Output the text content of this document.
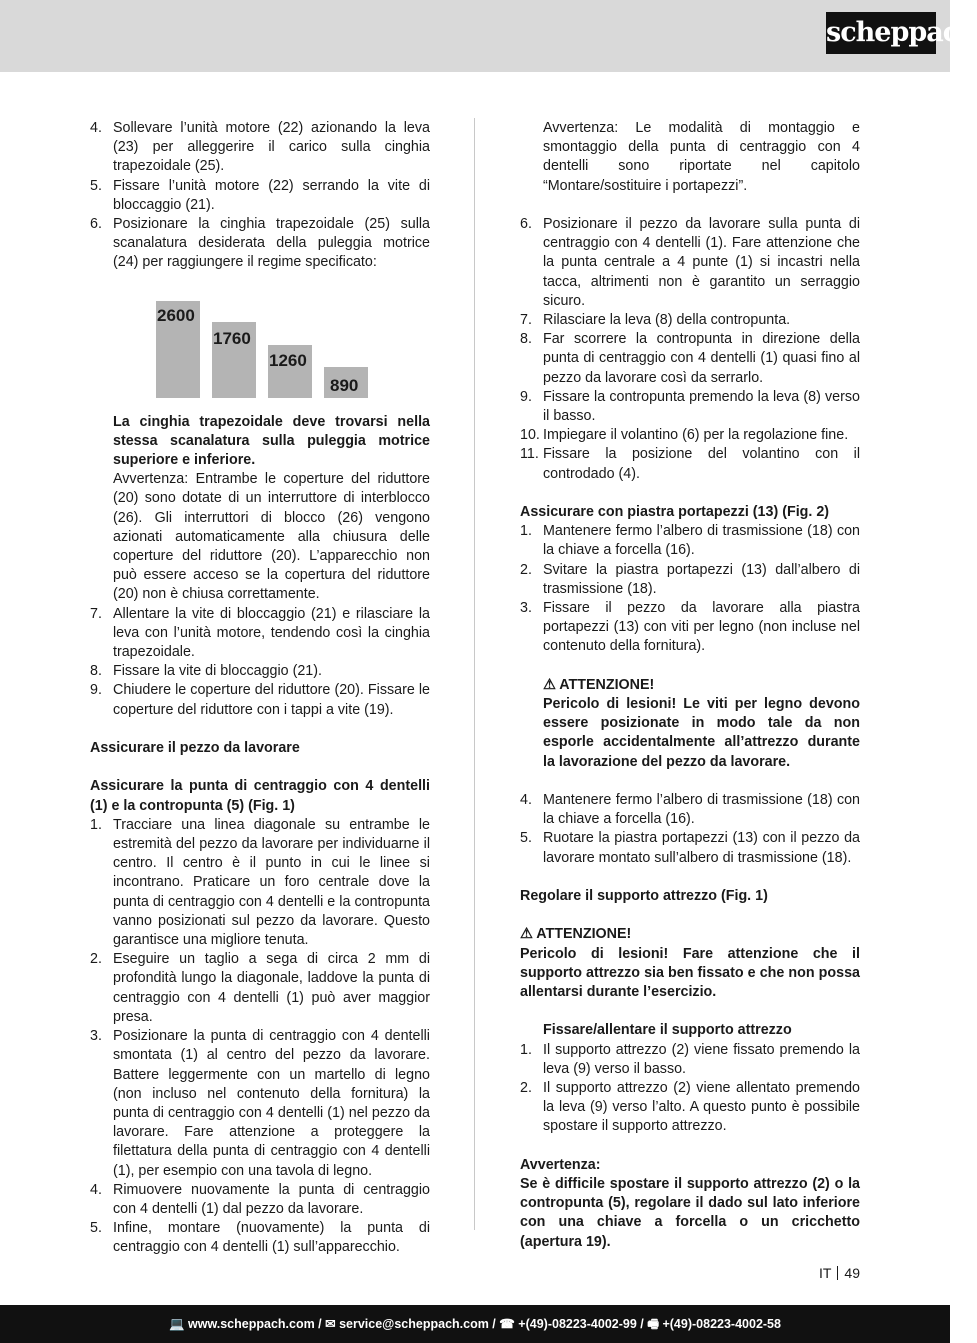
scheppach

4. Sollevare l’unità motore (22) azionando la leva (23) per alleggerire il carico sulla cinghia trapezoidale (25).

5. Fissare l’unità motore (22) serrando la vite di bloccaggio (21).

6. Posizionare la cinghia trapezoidale (25) sulla scanalatura desiderata della puleggia motrice (24) per raggiungere il regime specificato:

2600
1760
1260
890

La cinghia trapezoidale deve trovarsi nella stessa scanalatura sulla puleggia motrice superiore e inferiore.

Avvertenza: Entrambe le coperture del riduttore (20) sono dotate di un interruttore di interblocco (26). Gli interruttori di blocco (26) vengono azionati automaticamente alla chiusura delle coperture del riduttore (20). L’apparecchio non può essere acceso se la copertura del riduttore (20) non è chiusa correttamente.

7. Allentare la vite di bloccaggio (21) e rilasciare la leva con l’unità motore, tendendo così la cinghia trapezoidale.

8. Fissare la vite di bloccaggio (21).

9. Chiudere le coperture del riduttore (20). Fissare le coperture del riduttore con i tappi a vite (19).

Assicurare il pezzo da lavorare

Assicurare la punta di centraggio con 4 dentelli (1) e la contropunta (5) (Fig. 1)

1. Tracciare una linea diagonale su entrambe le estremità del pezzo da lavorare per individuarne il centro. Il centro è il punto in cui le linee si incontrano. Praticare un foro centrale dove la punta di centraggio con 4 dentelli e la contropunta vanno posizionati sul pezzo da lavorare. Questo garantisce una migliore tenuta.

2. Eseguire un taglio a sega di circa 2 mm di profondità lungo la diagonale, laddove la punta di centraggio con 4 dentelli (1) può aver maggior presa.

3. Posizionare la punta di centraggio con 4 dentelli smontata (1) al centro del pezzo da lavorare. Battere leggermente con un martello di legno (non incluso nel contenuto della fornitura) la punta di centraggio con 4 dentelli (1) nel pezzo da lavorare. Fare attenzione a proteggere la filettatura della punta di centraggio con 4 dentelli (1), per esempio con una tavola di legno.

4. Rimuovere nuovamente la punta di centraggio con 4 dentelli (1) dal pezzo da lavorare.

5. Infine, montare (nuovamente) la punta di centraggio con 4 dentelli (1) sull’apparecchio.

Avvertenza: Le modalità di montaggio e smontaggio della punta di centraggio con 4 dentelli sono riportate nel capitolo “Montare/sostituire i portapezzi”.

6. Posizionare il pezzo da lavorare sulla punta di centraggio con 4 dentelli (1). Fare attenzione che la punta centrale a 4 punte (1) si incastri nella tacca, altrimenti non è garantito un serraggio sicuro.

7. Rilasciare la leva (8) della contropunta.

8. Far scorrere la contropunta in direzione della punta di centraggio con 4 dentelli (1) quasi fino al pezzo da lavorare così da serrarlo.

9. Fissare la contropunta premendo la leva (8) verso il basso.

10. Impiegare il volantino (6) per la regolazione fine.

11. Fissare la posizione del volantino con il controdado (4).

Assicurare con piastra portapezzi (13) (Fig. 2)

1. Mantenere fermo l’albero di trasmissione (18) con la chiave a forcella (16).

2. Svitare la piastra portapezzi (13) dall’albero di trasmissione (18).

3. Fissare il pezzo da lavorare alla piastra portapezzi (13) con viti per legno (non incluse nel contenuto della fornitura).

⚠ ATTENZIONE!

Pericolo di lesioni! Le viti per legno devono essere posizionate in modo tale da non esporle accidentalmente all’attrezzo durante la lavorazione del pezzo da lavorare.

4. Mantenere fermo l’albero di trasmissione (18) con la chiave a forcella (16).

5. Ruotare la piastra portapezzi (13) con il pezzo da lavorare montato sull’albero di trasmissione (18).

Regolare il supporto attrezzo (Fig. 1)

⚠ ATTENZIONE!

Pericolo di lesioni! Fare attenzione che il supporto attrezzo sia ben fissato e che non possa allentarsi durante l’esercizio.

Fissare/allentare il supporto attrezzo

1. Il supporto attrezzo (2) viene fissato premendo la leva (9) verso il basso.

2. Il supporto attrezzo (2) viene allentato premendo la leva (9) verso l’alto. A questo punto è possibile spostare il supporto attrezzo.

Avvertenza:

Se è difficile spostare il supporto attrezzo (2) o la contropunta (5), regolare il dado sul lato inferiore con una chiave a forcella o un cricchetto (apertura 19).

IT 49
💻 www.scheppach.com / ✉ service@scheppach.com / ☎ +(49)-08223-4002-99 / 🖷 +(49)-08223-4002-58
